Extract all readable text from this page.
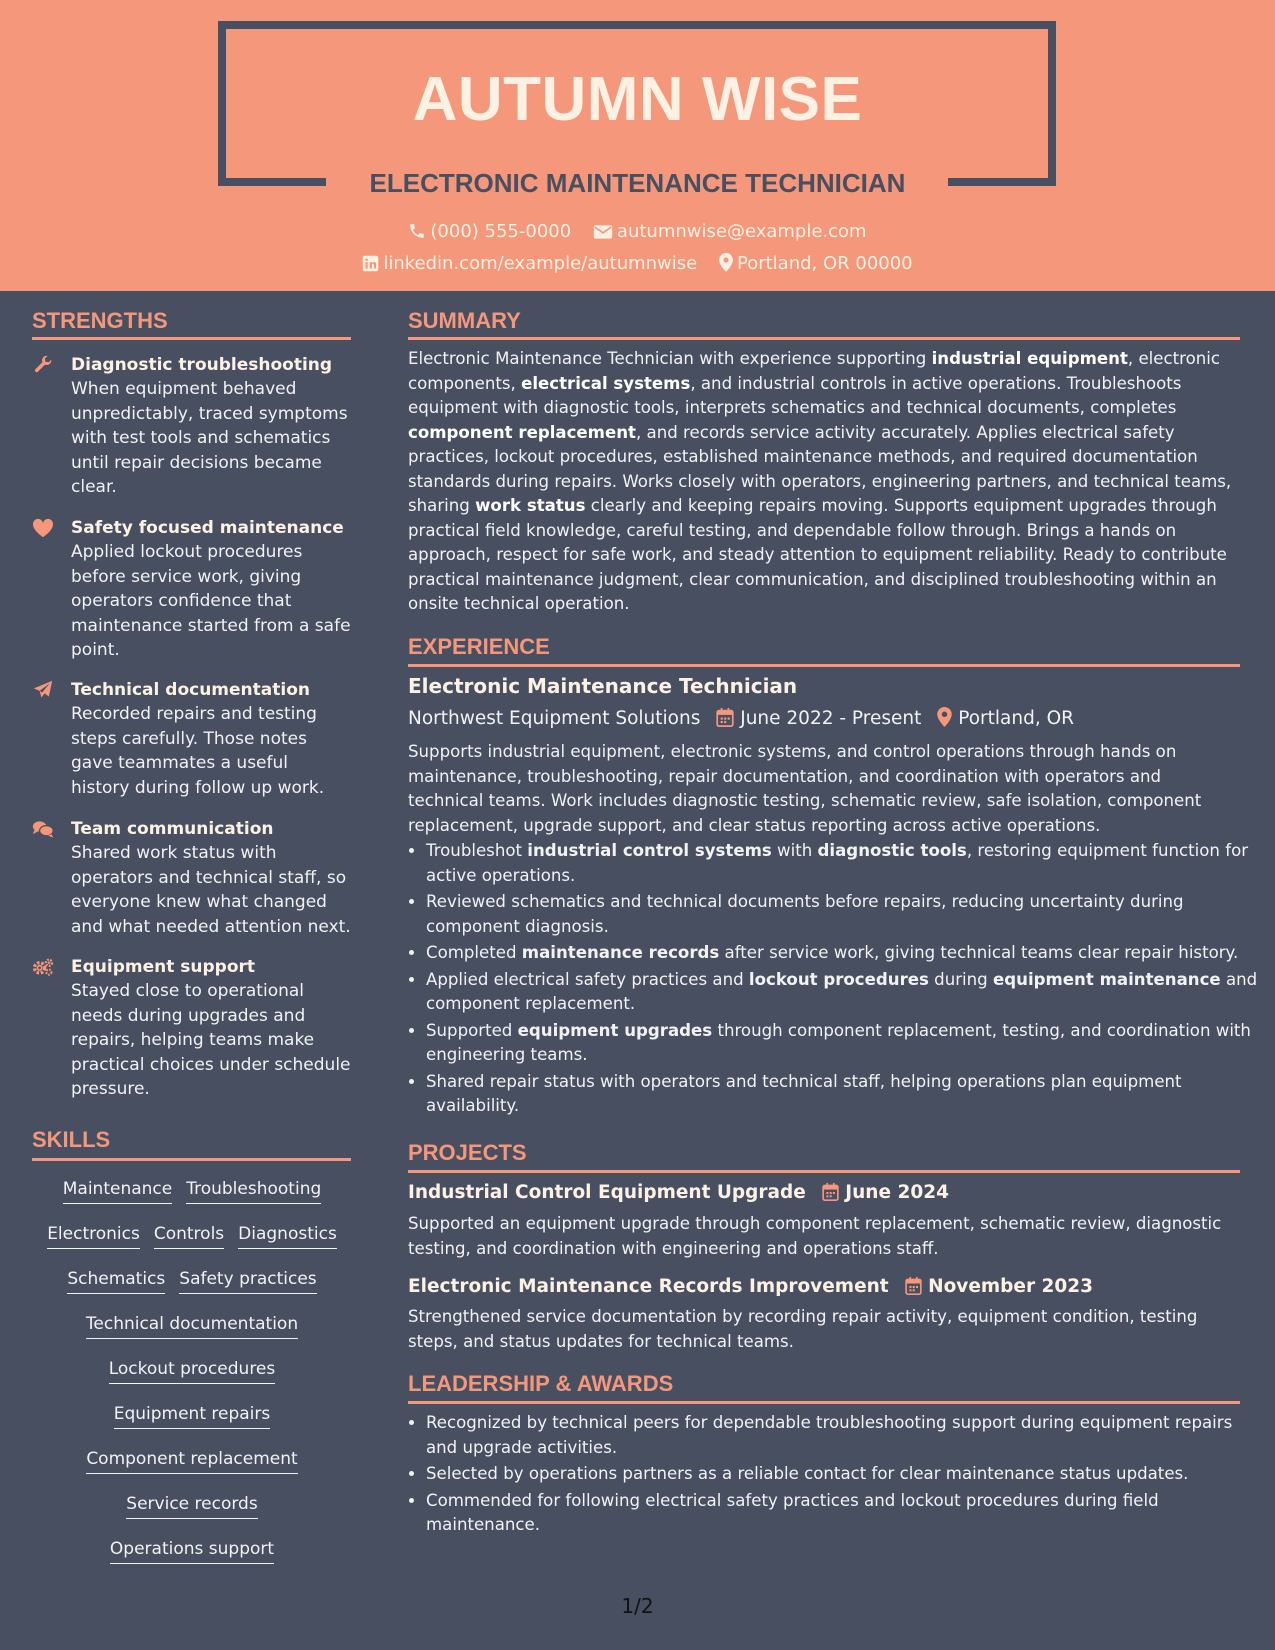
AUTUMN WISE
ELECTRONIC MAINTENANCE TECHNICIAN
(000) 555-0000	autumnwise@example.com
linkedin.com/example/autumnwise Portland, OR 00000
STRENGTHS
Diagnostic troubleshooting
When equipment behaved unpredictably, traced symptoms with test tools and schematics until repair decisions became clear.
Safety focused maintenance
Applied lockout procedures before service work, giving operators confidence that maintenance started from a safe point.
Technical documentation
Recorded repairs and testing steps carefully. Those notes gave teammates a useful history during follow up work.
Team communication
Shared work status with operators and technical staff, so everyone knew what changed and what needed attention next.
Equipment support
Stayed close to operational needs during upgrades and repairs, helping teams make practical choices under schedule pressure.
SKILLS
Maintenance Troubleshooting
Electronics Controls Diagnostics
Schematics Safety practices
Technical documentation
Lockout procedures
Equipment repairs
Component replacement
Service records
Operations support
SUMMARY
Electronic Maintenance Technician with experience supporting industrial equipment, electronic components, electrical systems, and industrial controls in active operations. Troubleshoots equipment with diagnostic tools, interprets schematics and technical documents, completes component replacement, and records service activity accurately. Applies electrical safety practices, lockout procedures, established maintenance methods, and required documentation standards during repairs. Works closely with operators, engineering partners, and technical teams, sharing work status clearly and keeping repairs moving. Supports equipment upgrades through practical field knowledge, careful testing, and dependable follow through. Brings a hands on approach, respect for safe work, and steady attention to equipment reliability. Ready to contribute practical maintenance judgment, clear communication, and disciplined troubleshooting within an onsite technical operation.
EXPERIENCE
Electronic Maintenance Technician
Northwest Equipment Solutions June 2022 - Present Portland, OR
Supports industrial equipment, electronic systems, and control operations through hands on maintenance, troubleshooting, repair documentation, and coordination with operators and technical teams. Work includes diagnostic testing, schematic review, safe isolation, component replacement, upgrade support, and clear status reporting across active operations.
• Troubleshot industrial control systems with diagnostic tools, restoring equipment function for active operations.
• Reviewed schematics and technical documents before repairs, reducing uncertainty during component diagnosis.
• Completed maintenance records after service work, giving technical teams clear repair history.
• Applied electrical safety practices and lockout procedures during equipment maintenance and component replacement.
• Supported equipment upgrades through component replacement, testing, and coordination with engineering teams.
• Shared repair status with operators and technical staff, helping operations plan equipment availability.
PROJECTS
Industrial Control Equipment Upgrade June 2024
Supported an equipment upgrade through component replacement, schematic review, diagnostic testing, and coordination with engineering and operations staff.
Electronic Maintenance Records Improvement November 2023
Strengthened service documentation by recording repair activity, equipment condition, testing steps, and status updates for technical teams.
LEADERSHIP & AWARDS
• Recognized by technical peers for dependable troubleshooting support during equipment repairs and upgrade activities.
• Selected by operations partners as a reliable contact for clear maintenance status updates.
• Commended for following electrical safety practices and lockout procedures during field maintenance.
1/2
